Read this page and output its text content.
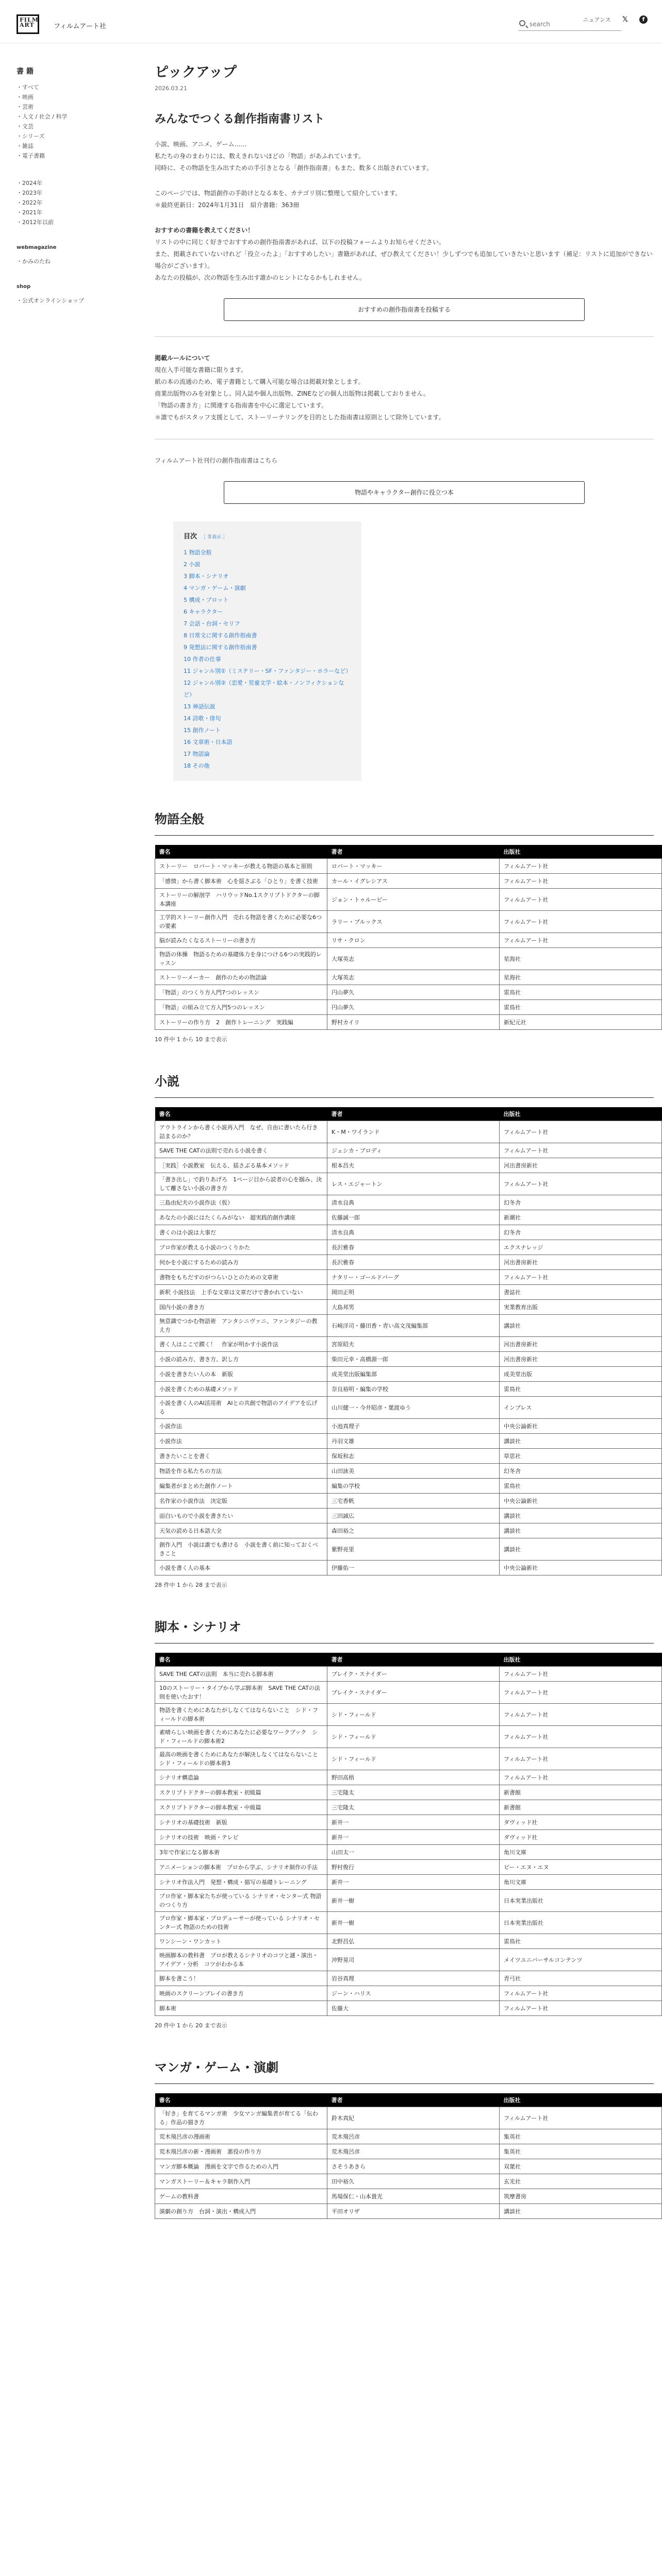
FILM ART	フィルムアート社
search
書 籍
・すべて
・映画
・芸術
・人文 / 社会 / 科学
・文芸
・シリーズ
・雑誌
・電子書籍
・2024年
・2023年
・2022年
・2021年
・2012年以前
webmagazine
・かみのたね
shop
・公式オンラインショップ
ニュアンス 𝕏	f
ピックアップ
2026.03.21
みんなでつくる創作指南書リスト
小説、映画、アニメ、ゲーム……
私たちの身のまわりには、数えきれないほどの「物語」があふれています。
同時に、その物語を生み出すための手引きとなる「創作指南書」もまた、数多く出版されています。
このページでは、物語創作の手助けとなる本を、カテゴリ別に整理して紹介しています。
＊最終更新日：2024年1月31日　紹介書籍：363冊
おすすめの書籍を教えてください！
リストの中に同じく好きでおすすめの創作指南書があれば、以下の投稿フォームよりお知らせください。
また、掲載されていないけれど「役立ったよ」「おすすめしたい」書籍があれば、ぜひ教えてください！少しずつでも追加していきたいと思います（補足：リストに追加ができない場合がございます）。
あなたの投稿が、次の物語を生み出す誰かのヒントになるかもしれません。
おすすめの創作指南書を投稿する
掲載ルールについて
現在入手可能な書籍に限ります。
紙の本の流通のため、電子書籍として購入可能な場合は掲載対象とします。
商業出版物のみを対象とし、同人誌や個人出版物、ZINEなどの個人出版物は掲載しておりません。
「物語の書き方」に関連する指南書を中心に選定しています。
＊誰でもがスタッフ支援として、ストーリーテリングを目的とした指南書は原則として除外しています。
フィルムアート社刊行の創作指南書はこちら
物語やキャラクター創作に役立つ本
目次 ［ 非表示 ］
1 物語全般
2 小説
3 脚本・シナリオ
4 マンガ・ゲーム・演劇
5 構成・プロット
6 キャラクター
7 会話・台詞・セリフ
8 日常文に関する創作指南書
9 発想法に関する創作指南書
10 作者の仕事
11 ジャンル別①（ミステリー・SF・ファンタジー・ホラーなど）
12 ジャンル別②（恋愛・児童文学・絵本・ノンフィクションなど）
13 神話伝説
14 詩歌・俳句
15 創作ノート
16 文章術・日本語
17 物語論
18 その他
物語全般
書名	著者	出版社
ストーリー　ロバート・マッキーが教える物語の基本と原則	ロバート・マッキー	フィルムアート社
「感情」から書く脚本術　心を揺さぶる「ひとり」を書く技術	カール・イグレシアス	フィルムアート社
ストーリーの解剖学　ハリウッドNo.1スクリプトドクターの脚本講座	ジョン・トゥルービー	フィルムアート社
工学的ストーリー創作入門　売れる物語を書くために必要な6つの要素	ラリー・ブルックス	フィルムアート社
脳が読みたくなるストーリーの書き方	リサ・クロン	フィルムアート社
物語の体操　物語るための基礎体力を身につける6つの実践的レッスン	大塚英志	星海社
ストーリーメーカー　創作のための物語論	大塚英志	星海社
「物語」のつくり方入門7つのレッスン	円山夢久	雷鳥社
「物語」の組み立て方入門5つのレッスン	円山夢久	雷鳥社
ストーリーの作り方　2　創作トレーニング　実践編	野村カイリ	新紀元社
10 件中 1 から 10 まで表示
小説
書名	著者	出版社
アウトラインから書く小説再入門　なぜ、自由に書いたら行き詰まるのか？	K・M・ワイランド	フィルムアート社
SAVE THE CATの法則で売れる小説を書く	ジェシカ・ブロディ	フィルムアート社
［実践］小説教室　伝える、揺さぶる基本メソッド	根本昌夫	河出書房新社
「書き出し」で釣りあげろ　1ページ目から読者の心を掴み、決して離さない小説の書き方	レス・エジャートン	フィルムアート社
三島由紀夫の小説作法（仮）	清水良典	幻冬舎
あなたの小説にはたくらみがない　超実践的創作講座	佐藤誠一郎	新潮社
書くのは小説は大事だ	清水良典	幻冬舎
プロ作家が教える小説のつくりかた	長沢雅春	エクスナレッジ
何かを小説にするための読み方	長沢雅春	河出書房新社
書物をもちだすのがつらいひとのための文章術	ナタリー・ゴールドバーグ	フィルムアート社
新釈 小説技法　上手な文章は文章だけで書かれていない	岡田正明	書誌社
国内小説の書き方	大島邦男	実業教育出版
無意識でつかむ物語術　アンタシニヴァニ、ファンタジーの教え方	石崎洋司・藤田香・青い高文茂編集部	講談社
書く人はここで躓く！　作家が明かす小説作法	宮原昭夫	河出書房新社
小説の読み方、書き方、訳し方	柴田元幸・高橋源一郎	河出書房新社
小説を書きたい人の本　新版	成美堂出版編集部	成美堂出版
小説を書くための基礎メソッド	奈良裕明・編集の学校	雷鳥社
小説を書く人のAI活用術　AIとの共創で物語のアイデアを広げる	山川健一・今井昭彦・葉渡ゆう	インプレス
小説作法	小池真理子	中央公論新社
小説作法	丹羽文雄	講談社
書きたいことを書く	保坂和志	草思社
物語を作る私たちの方法	山田詠美	幻冬舎
編集者がまとめた創作ノート	編集の学校	雷鳥社
名作家の小説作法　決定版	三宅香帆	中央公論新社
面白いもので小説を書きたい	三田誠広	講談社
天気の読める日本語大全	森田裕之	講談社
創作入門　小説は誰でも書ける　小説を書く前に知っておくべきこと	紫野亮里	講談社
小説を書く人の基本	伊藤佑一	中央公論新社
28 件中 1 から 28 まで表示
脚本・シナリオ
書名	著者	出版社
SAVE THE CATの法則　本当に売れる脚本術	ブレイク・スナイダー	フィルムアート社
10のストーリー・タイプから学ぶ脚本術　SAVE THE CATの法則を使いたおす！	ブレイク・スナイダー	フィルムアート社
物語を書くためにあなたがしなくてはならないこと　シド・フィールドの脚本術	シド・フィールド	フィルムアート社
素晴らしい映画を書くためにあなたに必要なワークブック　シド・フィールドの脚本術2	シド・フィールド	フィルムアート社
最高の映画を書くためにあなたが解決しなくてはならないこと　シド・フィールドの脚本術3	シド・フィールド	フィルムアート社
シナリオ構造論	野田高梧	フィルムアート社
スクリプトドクターの脚本教室・初級篇	三宅隆太	新書館
スクリプトドクターの脚本教室・中級篇	三宅隆太	新書館
シナリオの基礎技術　新版	新井一	ダヴィッド社
シナリオの技術　映画・テレビ	新井一	ダヴィッド社
3年で作家になる脚本術	山田太一	角川文庫
アニメーションの脚本術　プロから学ぶ、シナリオ制作の手法	野村俊行	ビー・エヌ・エヌ
シナリオ作法入門　発想・構成・描写の基礎トレーニング	新井一	角川文庫
プロ作家・脚本家たちが使っている シナリオ・センター式 物語のつくり方	新井一樹	日本実業出版社
プロ作家・脚本家・プロデューサーが使っている シナリオ・センター式 物語のための技術	新井一樹	日本実業出版社
ワンシーン・ワンカット	北野昌弘	雷鳥社
映画脚本の教科書　プロが教えるシナリオのコツと謎・演出・アイデア・分析　コツがわかる本	沖野晃司	メイツユニバーサルコンテンツ
脚本を書こう！	岩谷真理	青弓社
映画のスクリーンプレイの書き方	ジーン・ハリス	フィルムアート社
脚本術	佐藤大	フィルムアート社
20 件中 1 から 20 まで表示
マンガ・ゲーム・演劇
書名	著者	出版社
「好き」を育てるマンガ術　少女マンガ編集者が育てる「伝わる」作品の描き方	鈴木真紀	フィルムアート社
荒木飛呂彦の漫画術	荒木飛呂彦	集英社
荒木飛呂彦の新・漫画術　悪役の作り方	荒木飛呂彦	集英社
マンガ脚本概論　漫画を文字で作るための入門	さそうあきら	双葉社
マンガストーリー＆キャラ制作入門	田中裕久	玄光社
ゲームの教科書	馬場保仁・山本貴光	筑摩書房
演劇の創り方　台詞・演出・構成入門	平田オリザ	講談社
